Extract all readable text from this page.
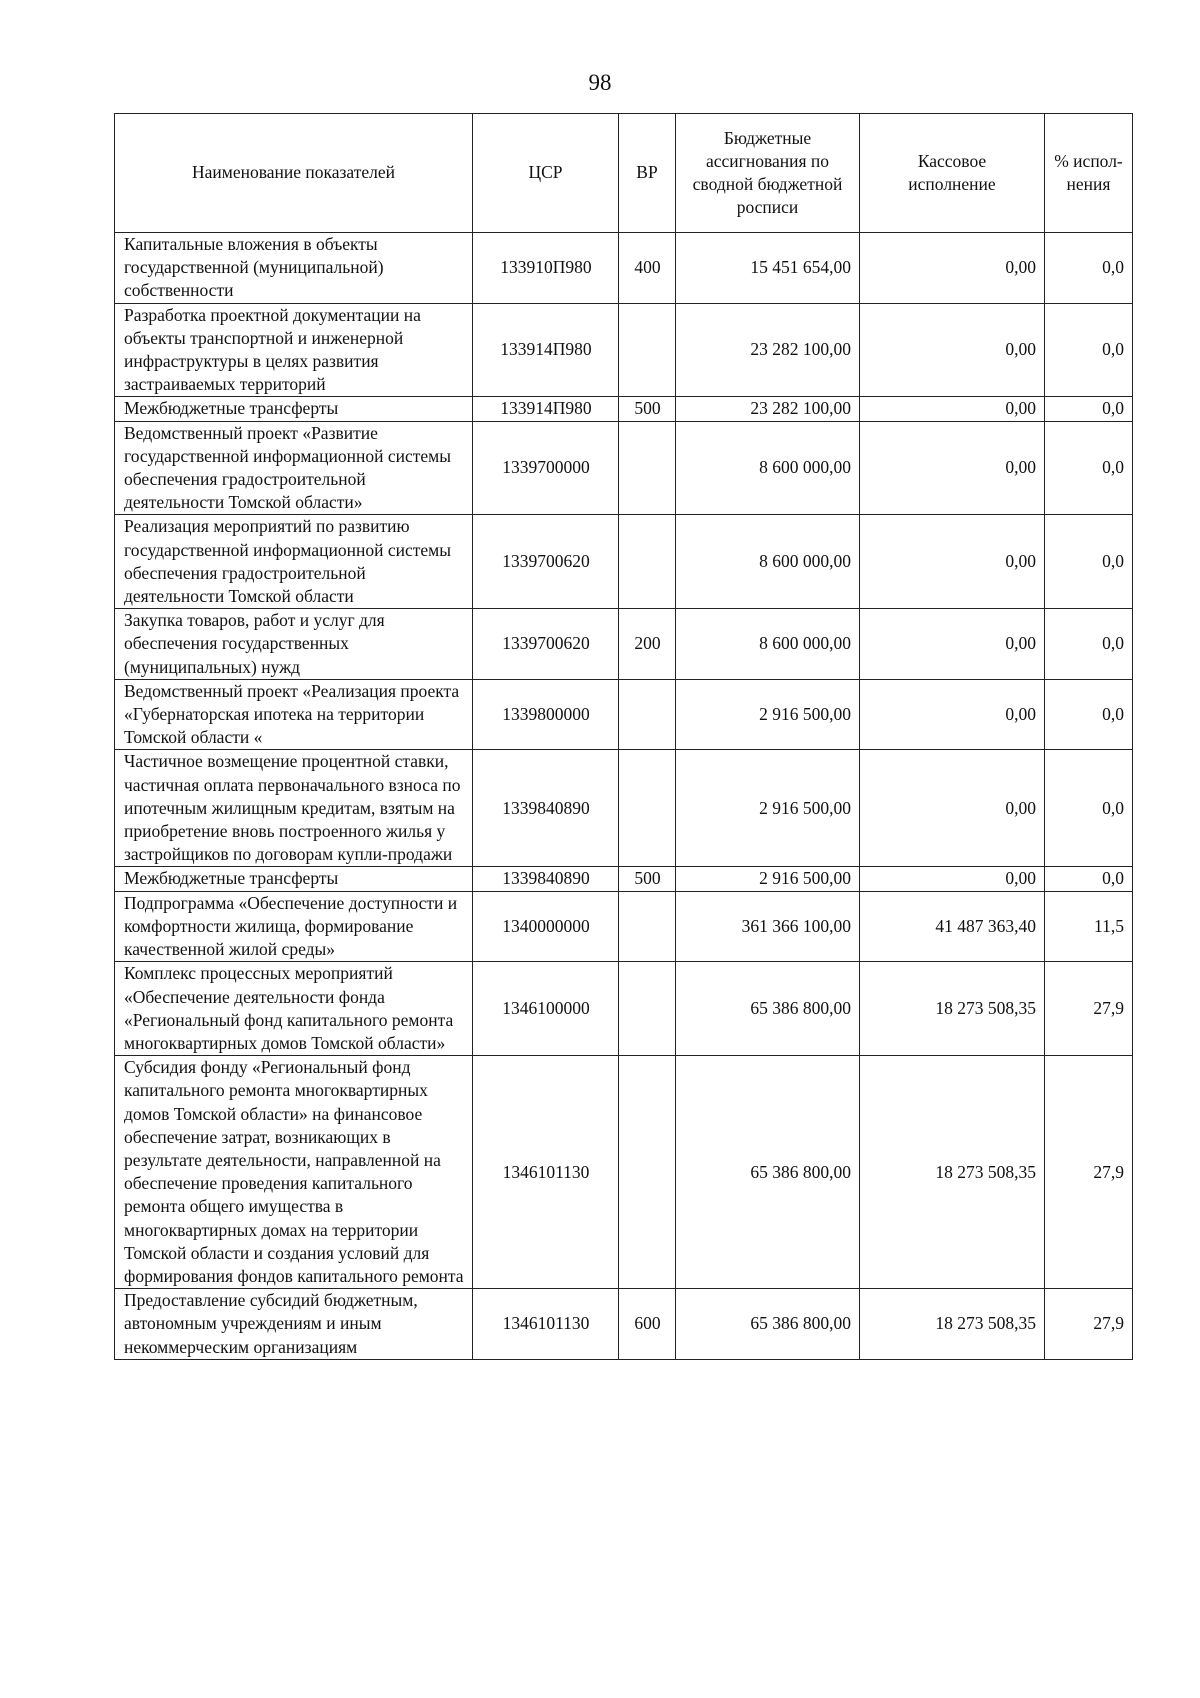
98
Наименование показателей	ЦСР	ВР	Бюджетные ассигнования по сводной бюджетной росписи	Кассовое исполнение	% испол-нения
Капитальные вложения в объекты государственной (муниципальной) собственности	133910П980	400	15 451 654,00	0,00	0,0
Разработка проектной документации на объекты транспортной и инженерной инфраструктуры в целях развития застраиваемых территорий	133914П980		23 282 100,00	0,00	0,0
Межбюджетные трансферты	133914П980	500	23 282 100,00	0,00	0,0
Ведомственный проект «Развитие государственной информационной системы обеспечения градостроительной деятельности Томской области»	1339700000		8 600 000,00	0,00	0,0
Реализация мероприятий по развитию государственной информационной системы обеспечения градостроительной деятельности Томской области	1339700620		8 600 000,00	0,00	0,0
Закупка товаров, работ и услуг для обеспечения государственных (муниципальных) нужд	1339700620	200	8 600 000,00	0,00	0,0
Ведомственный проект «Реализация проекта «Губернаторская ипотека на территории Томской области «	1339800000		2 916 500,00	0,00	0,0
Частичное возмещение процентной ставки, частичная оплата первоначального взноса по ипотечным жилищным кредитам, взятым на приобретение вновь построенного жилья у застройщиков по договорам купли-продажи	1339840890		2 916 500,00	0,00	0,0
Межбюджетные трансферты	1339840890	500	2 916 500,00	0,00	0,0
Подпрограмма «Обеспечение доступности и комфортности жилища, формирование качественной жилой среды»	1340000000		361 366 100,00	41 487 363,40	11,5
Комплекс процессных мероприятий «Обеспечение деятельности фонда «Региональный фонд капитального ремонта многоквартирных домов Томской области»	1346100000		65 386 800,00	18 273 508,35	27,9
Субсидия фонду «Региональный фонд капитального ремонта многоквартирных домов Томской области» на финансовое обеспечение затрат, возникающих в результате деятельности, направленной на обеспечение проведения капитального ремонта общего имущества в многоквартирных домах на территории Томской области и создания условий для формирования фондов капитального ремонта	1346101130		65 386 800,00	18 273 508,35	27,9
Предоставление субсидий бюджетным, автономным учреждениям и иным некоммерческим организациям	1346101130	600	65 386 800,00	18 273 508,35	27,9
